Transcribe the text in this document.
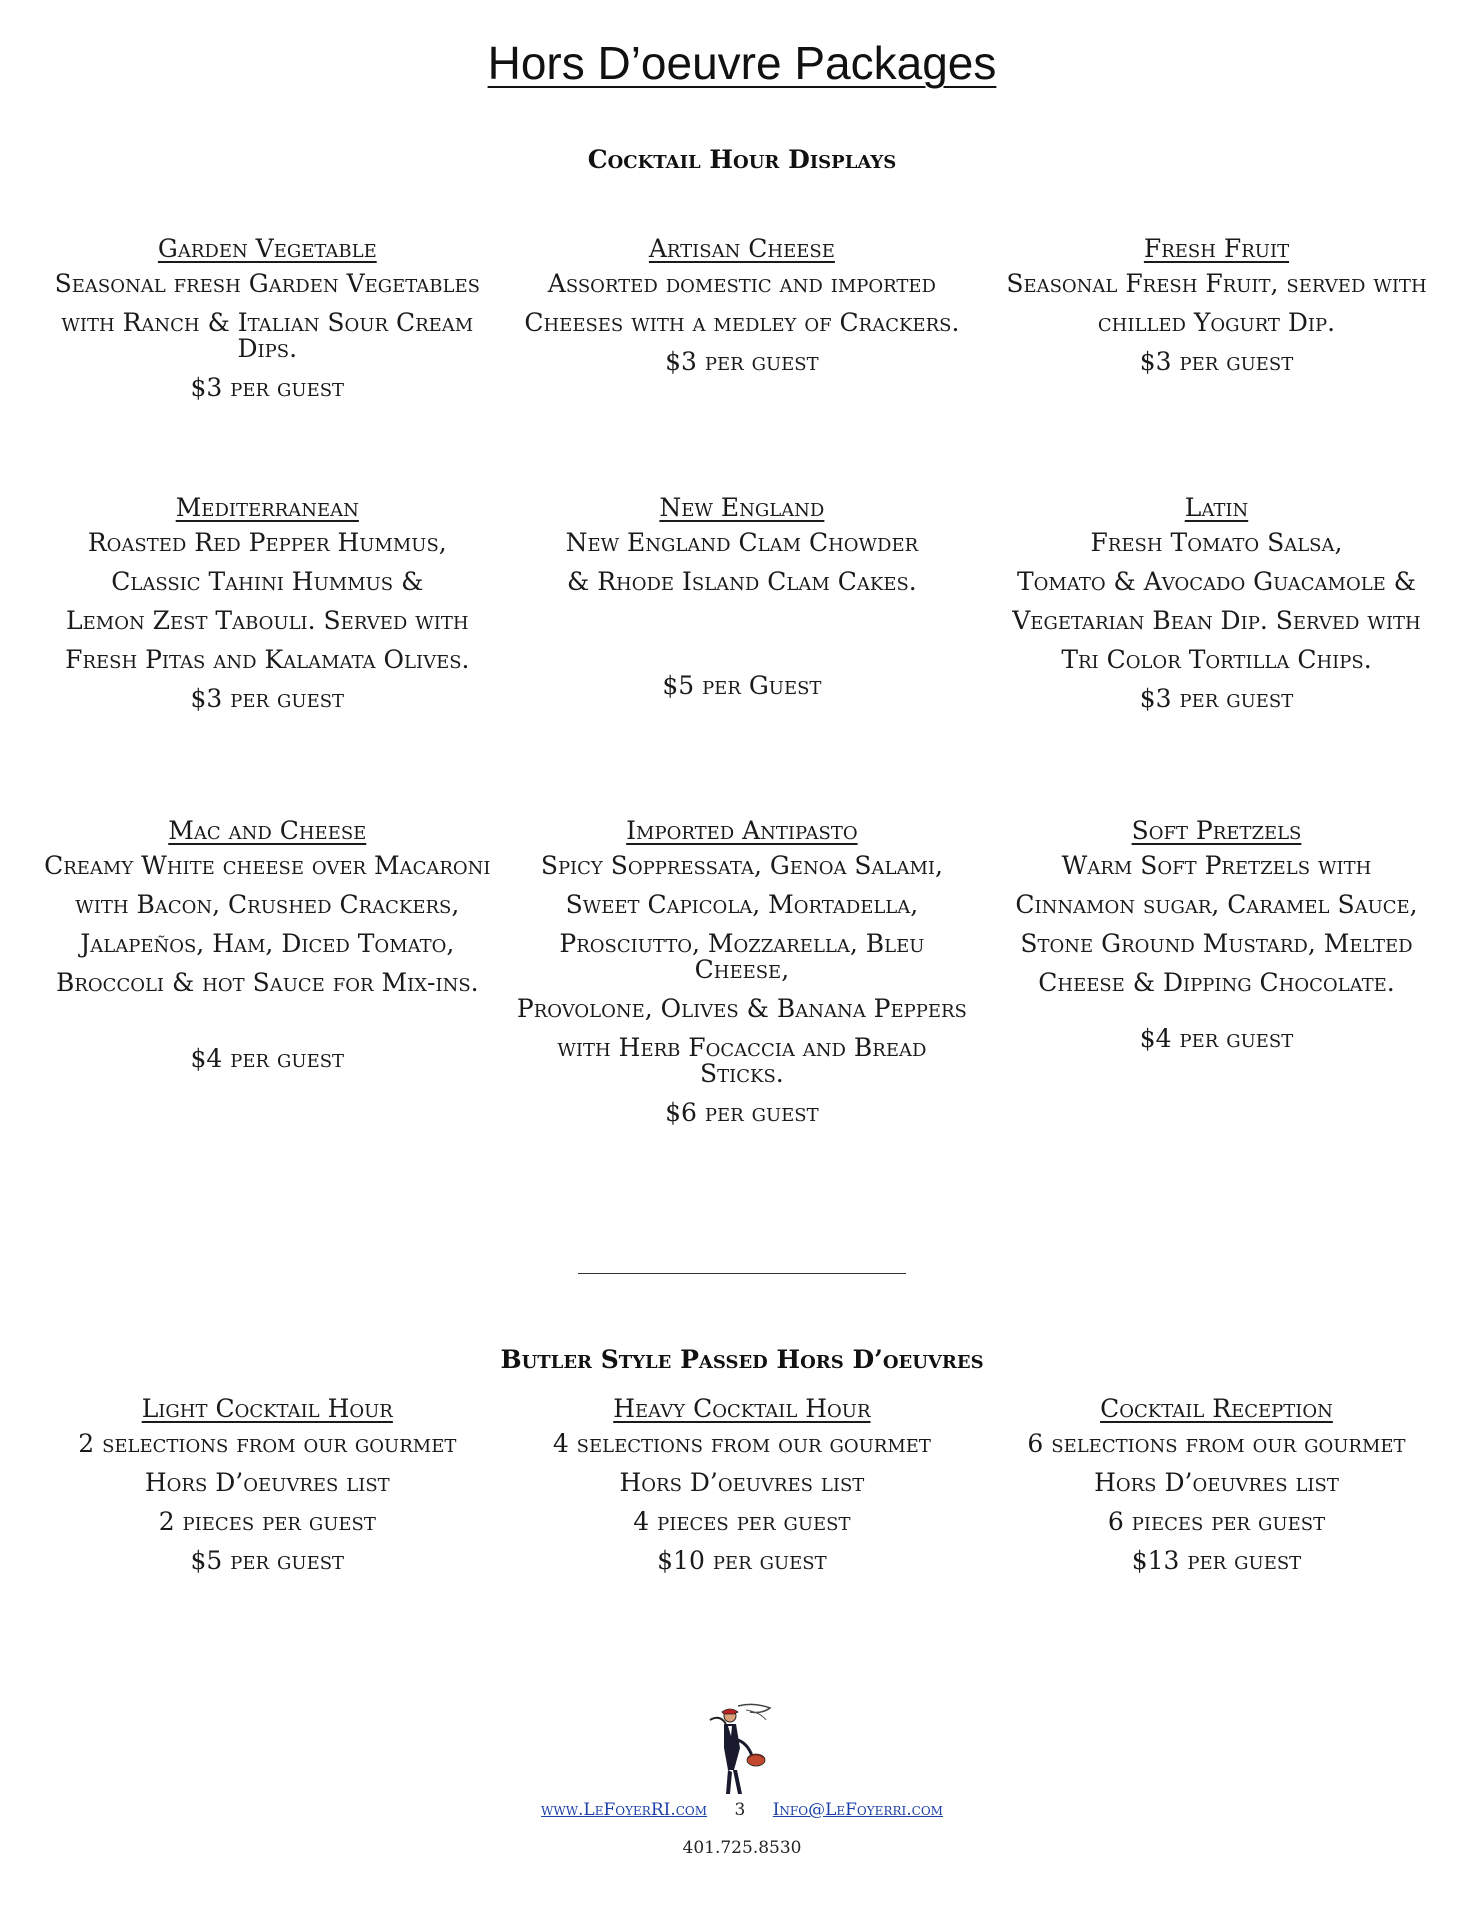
Hors D’oeuvre Packages
Cocktail Hour Displays
Garden Vegetable
Seasonal fresh Garden Vegetables
with Ranch & Italian Sour Cream Dips.
$3 per guest
Artisan Cheese
Assorted domestic and imported
Cheeses with a medley of Crackers.
$3 per guest
Fresh Fruit
Seasonal Fresh Fruit, served with
chilled Yogurt Dip.
$3 per guest
Mediterranean
Roasted Red Pepper Hummus,
Classic Tahini Hummus &
Lemon Zest Tabouli. Served with
Fresh Pitas and Kalamata Olives.
$3 per guest
New England
New England Clam Chowder
& Rhode Island Clam Cakes.
$5 per Guest
Latin
Fresh Tomato Salsa,
Tomato & Avocado Guacamole &
Vegetarian Bean Dip. Served with
Tri Color Tortilla Chips.
$3 per guest
Mac and Cheese
Creamy White cheese over Macaroni
with Bacon, Crushed Crackers,
Jalapeños, Ham, Diced Tomato,
Broccoli & hot Sauce for Mix-ins.
$4 per guest
Imported Antipasto
Spicy Soppressata, Genoa Salami,
Sweet Capicola, Mortadella,
Prosciutto, Mozzarella, Bleu Cheese,
Provolone, Olives & Banana Peppers
with Herb Focaccia and Bread Sticks.
$6 per guest
Soft Pretzels
Warm Soft Pretzels with
Cinnamon sugar, Caramel Sauce,
Stone Ground Mustard, Melted
Cheese & Dipping Chocolate.
$4 per guest
Butler Style Passed Hors D’oeuvres
Light Cocktail Hour
2 selections from our gourmet
Hors D’oeuvres list
2 pieces per guest
$5 per guest
Heavy Cocktail Hour
4 selections from our gourmet
Hors D’oeuvres list
4 pieces per guest
$10 per guest
Cocktail Reception
6 selections from our gourmet
Hors D’oeuvres list
6 pieces per guest
$13 per guest
www.LeFoyerRI.com 3 Info@LeFoyerri.com
401.725.8530
